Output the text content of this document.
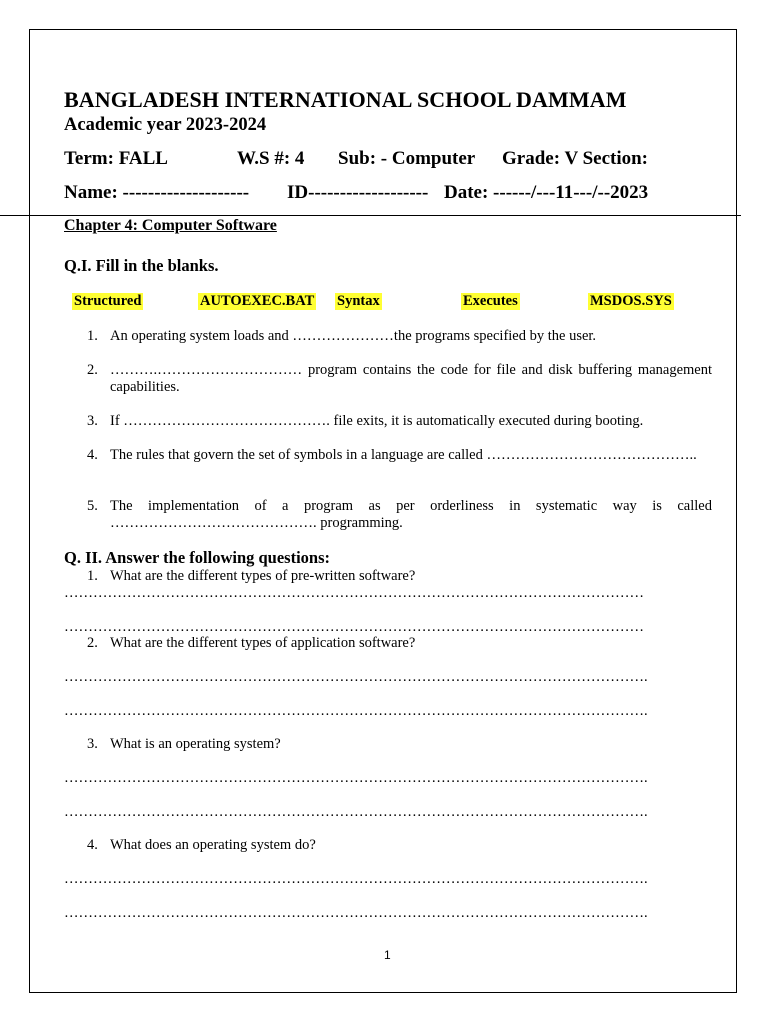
BANGLADESH INTERNATIONAL SCHOOL DAMMAM
Academic year 2023-2024
Term: FALL	W.S #: 4 Sub: - Computer Grade: V Section:
Name: -------------------- ID------------------- Date: ------/---11---/--2023
Chapter 4: Computer Software
Q.I. Fill in the blanks.
Structured	AUTOEXEC.BAT Syntax	Executes	MSDOS.SYS
1. An operating system loads and …………………the programs specified by the user.
2. ……….………………………… program contains the code for file and disk buffering management capabilities.
3. If ……………………………………. file exits, it is automatically executed during booting.
4. The rules that govern the set of symbols in a language are called ……………………………………..
5. The implementation of a program as per orderliness in systematic way is called ……………………………………. programming.
Q. II. Answer the following questions:
1. What are the different types of pre-written software?
…………………………………………………………………………………………………………
…………………………………………………………………………………………………………
2. What are the different types of application software?
………………………………………………………………………………………………………….
………………………………………………………………………………………………………….
3. What is an operating system?
………………………………………………………………………………………………………….
………………………………………………………………………………………………………….
4. What does an operating system do?
………………………………………………………………………………………………………….
………………………………………………………………………………………………………….
1
